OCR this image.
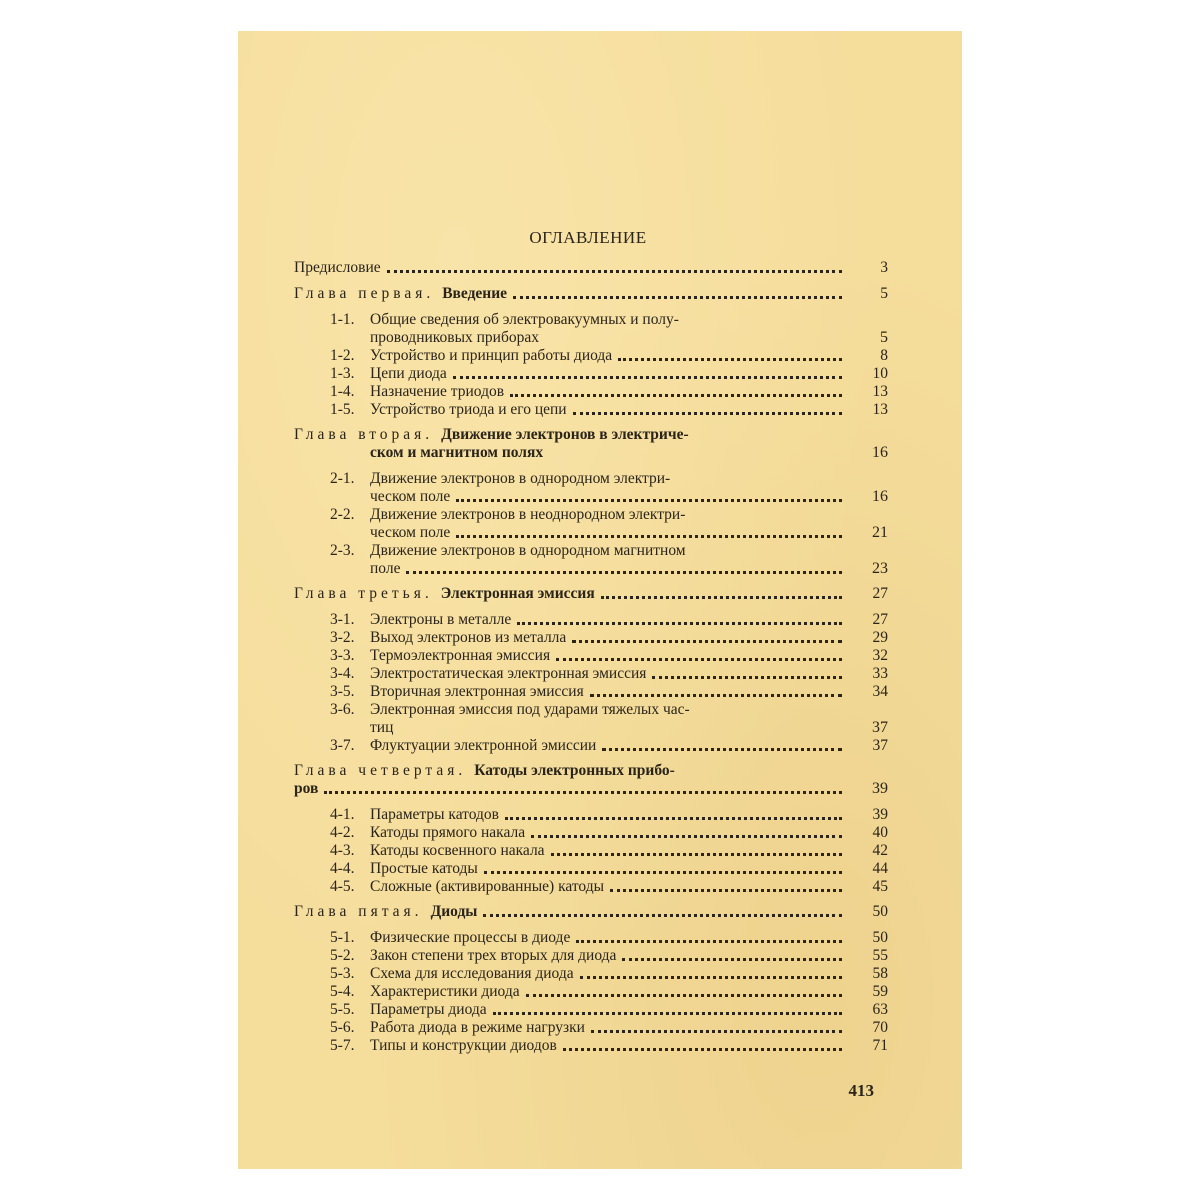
ОГЛАВЛЕНИЕ
Предисловие	3
Глава первая. Введение	5
1-1. Общие сведения об электровакуумных и полу-
проводниковых приборах	5
1-2. Устройство и принцип работы диода	8
1-3. Цепи диода	10
1-4. Назначение триодов	13
1-5. Устройство триода и его цепи	13
Глава вторая. Движение электронов в электриче-
ском и магнитном полях	16
2-1. Движение электронов в однородном электри-
ческом поле	16
2-2. Движение электронов в неоднородном электри-
ческом поле	21
2-3. Движение электронов в однородном магнитном
поле	23
Глава третья. Электронная эмиссия	27
3-1. Электроны в металле	27
3-2. Выход электронов из металла	29
3-3. Термоэлектронная эмиссия	32
3-4. Электростатическая электронная эмиссия	33
3-5. Вторичная электронная эмиссия	34
3-6. Электронная эмиссия под ударами тяжелых час-
тиц	37
3-7. Флуктуации электронной эмиссии	37
Глава четвертая. Катоды электронных прибо-
ров	39
4-1. Параметры катодов	39
4-2. Катоды прямого накала	40
4-3. Катоды косвенного накала	42
4-4. Простые катоды	44
4-5. Сложные (активированные) катоды	45
Глава пятая. Диоды	50
5-1. Физические процессы в диоде	50
5-2. Закон степени трех вторых для диода	55
5-3. Схема для исследования диода	58
5-4. Характеристики диода	59
5-5. Параметры диода	63
5-6. Работа диода в режиме нагрузки	70
5-7. Типы и конструкции диодов	71
413
